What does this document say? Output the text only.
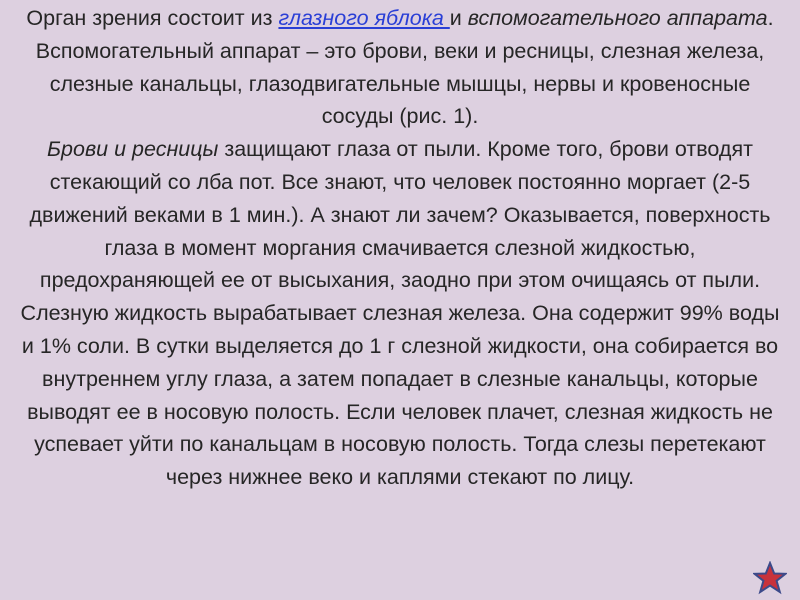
Орган зрения состоит из глазного яблока и вспомогательного аппарата. Вспомогательный аппарат – это брови, веки и ресницы, слезная железа, слезные канальцы, глазодвигательные мышцы, нервы и кровеносные сосуды (рис. 1).

Брови и ресницы защищают глаза от пыли. Кроме того, брови отводят стекающий со лба пот. Все знают, что человек постоянно моргает (2-5 движений веками в 1 мин.). А знают ли зачем? Оказывается, поверхность глаза в момент моргания смачивается слезной жидкостью, предохраняющей ее от высыхания, заодно при этом очищаясь от пыли. Слезную жидкость вырабатывает слезная железа. Она содержит 99% воды и 1% соли. В сутки выделяется до 1 г слезной жидкости, она собирается во внутреннем углу глаза, а затем попадает в слезные канальцы, которые выводят ее в носовую полость. Если человек плачет, слезная жидкость не успевает уйти по канальцам в носовую полость. Тогда слезы перетекают через нижнее веко и каплями стекают по лицу.
